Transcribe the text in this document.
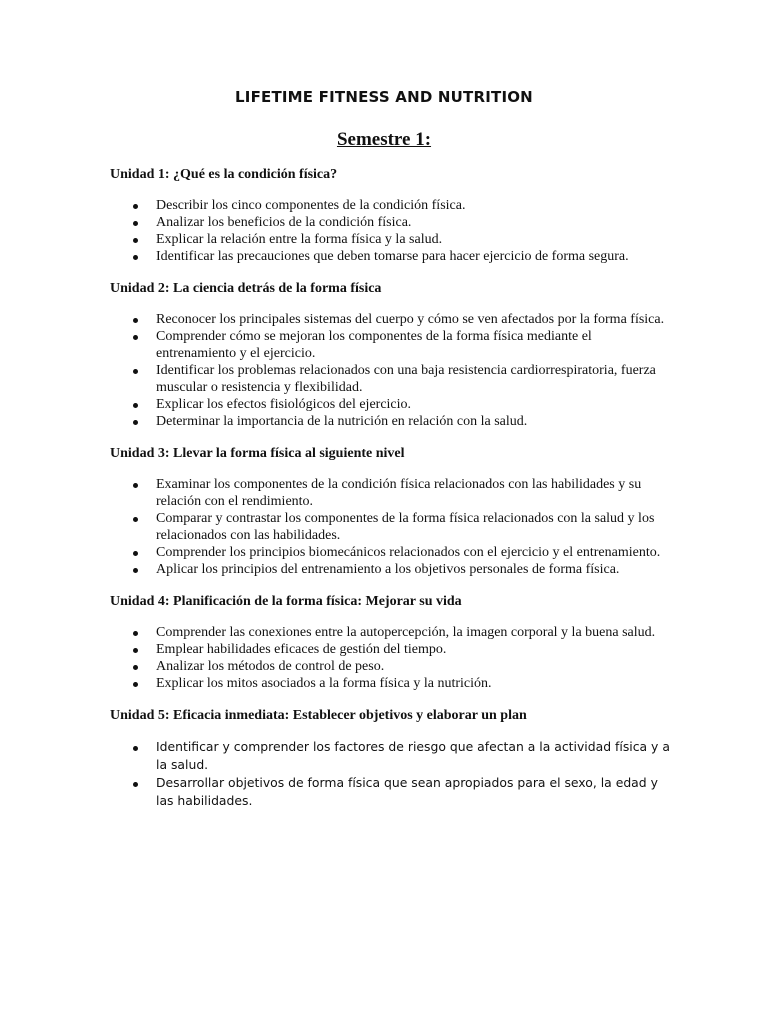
LIFETIME FITNESS AND NUTRITION
Semestre 1:

Unidad 1: ¿Qué es la condición física?

Describir los cinco componentes de la condición física.
Analizar los beneficios de la condición física.
Explicar la relación entre la forma física y la salud.
Identificar las precauciones que deben tomarse para hacer ejercicio de forma segura.

Unidad 2: La ciencia detrás de la forma física

Reconocer los principales sistemas del cuerpo y cómo se ven afectados por la forma física.
Comprender cómo se mejoran los componentes de la forma física mediante el entrenamiento y el ejercicio.
Identificar los problemas relacionados con una baja resistencia cardiorrespiratoria, fuerza muscular o resistencia y flexibilidad.
Explicar los efectos fisiológicos del ejercicio.
Determinar la importancia de la nutrición en relación con la salud.

Unidad 3: Llevar la forma física al siguiente nivel

Examinar los componentes de la condición física relacionados con las habilidades y su relación con el rendimiento.
Comparar y contrastar los componentes de la forma física relacionados con la salud y los relacionados con las habilidades.
Comprender los principios biomecánicos relacionados con el ejercicio y el entrenamiento.
Aplicar los principios del entrenamiento a los objetivos personales de forma física.

Unidad 4: Planificación de la forma física: Mejorar su vida

Comprender las conexiones entre la autopercepción, la imagen corporal y la buena salud.
Emplear habilidades eficaces de gestión del tiempo.
Analizar los métodos de control de peso.
Explicar los mitos asociados a la forma física y la nutrición.

Unidad 5: Eficacia inmediata: Establecer objetivos y elaborar un plan

Identificar y comprender los factores de riesgo que afectan a la actividad física y a la salud.
Desarrollar objetivos de forma física que sean apropiados para el sexo, la edad y las habilidades.
